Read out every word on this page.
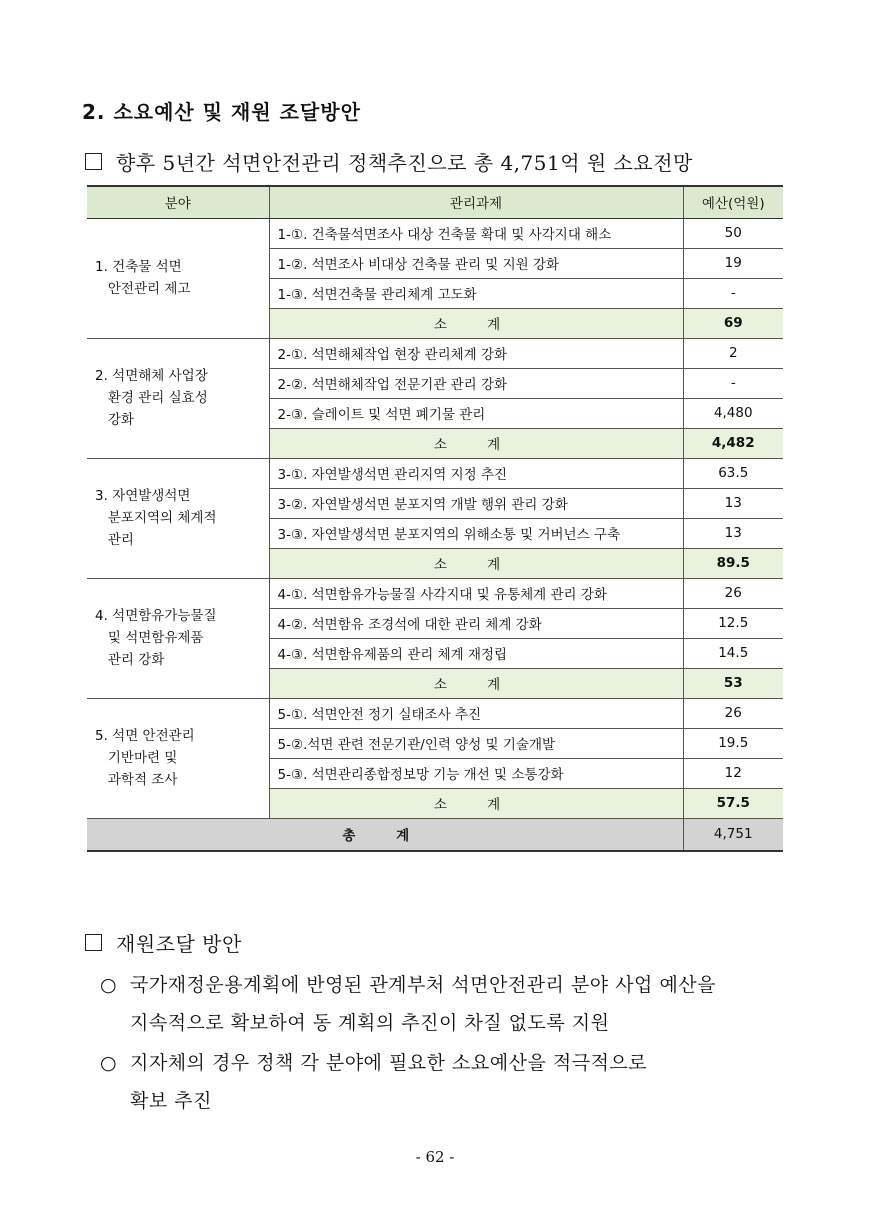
2. 소요예산 및 재원 조달방안
향후 5년간 석면안전관리 정책추진으로 총 4,751억 원 소요전망
분야	관리과제	예산(억원)
1. 건축물 석면
안전관리 제고	1-①. 건축물석면조사 대상 건축물 확대 및 사각지대 해소	50
	1-②. 석면조사 비대상 건축물 관리 및 지원 강화	19
	1-③. 석면건축물 관리체계 고도화	-
	소 계	69
2. 석면해체 사업장
환경 관리 실효성
강화	2-①. 석면해체작업 현장 관리체계 강화	2
	2-②. 석면해체작업 전문기관 관리 강화	-
	2-③. 슬레이트 및 석면 폐기물 관리	4,480
	소 계	4,482
3. 자연발생석면
분포지역의 체계적
관리	3-①. 자연발생석면 관리지역 지정 추진	63.5
	3-②. 자연발생석면 분포지역 개발 행위 관리 강화	13
	3-③. 자연발생석면 분포지역의 위해소통 및 거버넌스 구축	13
	소 계	89.5
4. 석면함유가능물질
및 석면함유제품
관리 강화	4-①. 석면함유가능물질 사각지대 및 유통체계 관리 강화	26
	4-②. 석면함유 조경석에 대한 관리 체계 강화	12.5
	4-③. 석면함유제품의 관리 체계 재정립	14.5
	소 계	53
5. 석면 안전관리
기반마련 및
과학적 조사	5-①. 석면안전 정기 실태조사 추진	26
	5-②.석면 관련 전문기관/인력 양성 및 기술개발	19.5
	5-③. 석면관리종합정보망 기능 개선 및 소통강화	12
	소 계	57.5
총 계		4,751
재원조달 방안
○ 국가재정운용계획에 반영된 관계부처 석면안전관리 분야 사업 예산을
지속적으로 확보하여 동 계획의 추진이 차질 없도록 지원
○ 지자체의 경우 정책 각 분야에 필요한 소요예산을 적극적으로
확보 추진
- 62 -
